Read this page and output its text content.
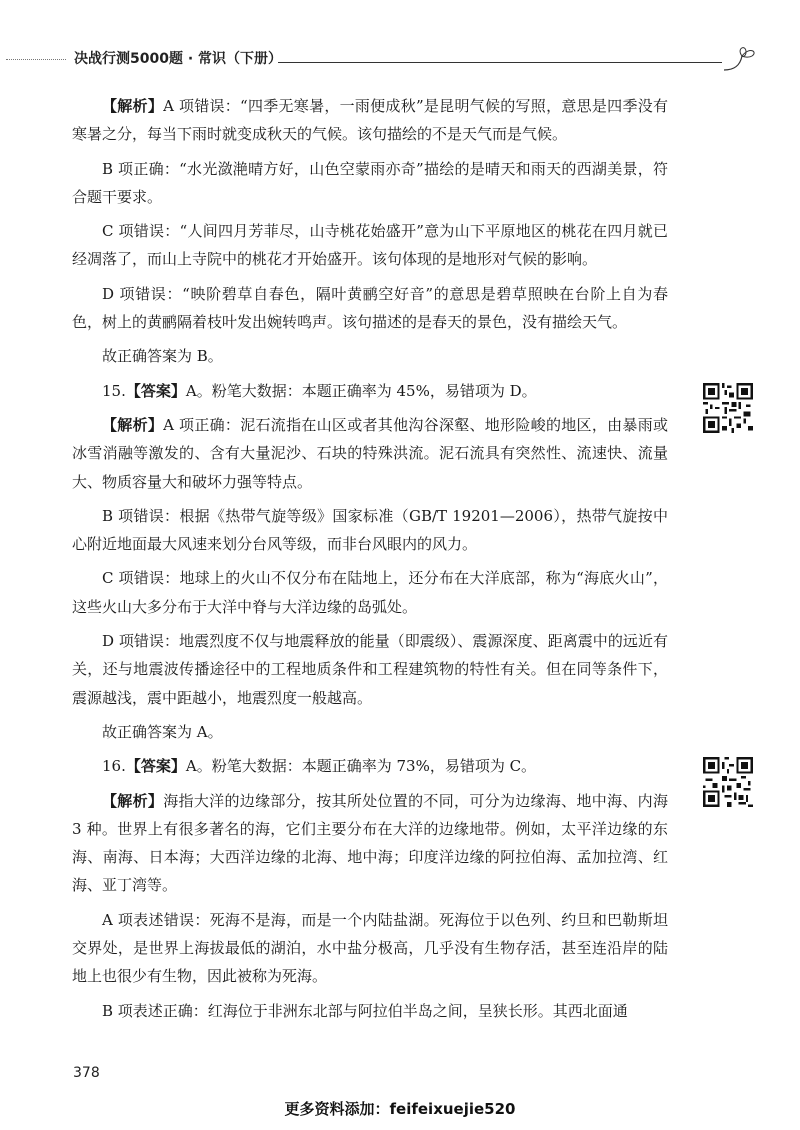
决战行测5000题 · 常识（下册）

【解析】A 项错误：“四季无寒暑，一雨便成秋”是昆明气候的写照，意思是四季没有寒暑之分，每当下雨时就变成秋天的气候。该句描绘的不是天气而是气候。

B 项正确：“水光潋滟晴方好，山色空蒙雨亦奇”描绘的是晴天和雨天的西湖美景，符合题干要求。

C 项错误：“人间四月芳菲尽，山寺桃花始盛开”意为山下平原地区的桃花在四月就已经凋落了，而山上寺院中的桃花才开始盛开。该句体现的是地形对气候的影响。

D 项错误：“映阶碧草自春色，隔叶黄鹂空好音”的意思是碧草照映在台阶上自为春色，树上的黄鹂隔着枝叶发出婉转鸣声。该句描述的是春天的景色，没有描绘天气。

故正确答案为 B。

15.【答案】A。粉笔大数据：本题正确率为 45%，易错项为 D。

【解析】A 项正确：泥石流指在山区或者其他沟谷深壑、地形险峻的地区，由暴雨或冰雪消融等激发的、含有大量泥沙、石块的特殊洪流。泥石流具有突然性、流速快、流量大、物质容量大和破坏力强等特点。

B 项错误：根据《热带气旋等级》国家标准（GB/T 19201—2006），热带气旋按中心附近地面最大风速来划分台风等级，而非台风眼内的风力。

C 项错误：地球上的火山不仅分布在陆地上，还分布在大洋底部，称为“海底火山”，这些火山大多分布于大洋中脊与大洋边缘的岛弧处。

D 项错误：地震烈度不仅与地震释放的能量（即震级）、震源深度、距离震中的远近有关，还与地震波传播途径中的工程地质条件和工程建筑物的特性有关。但在同等条件下，震源越浅，震中距越小，地震烈度一般越高。

故正确答案为 A。

16.【答案】A。粉笔大数据：本题正确率为 73%，易错项为 C。

【解析】海指大洋的边缘部分，按其所处位置的不同，可分为边缘海、地中海、内海 3 种。世界上有很多著名的海，它们主要分布在大洋的边缘地带。例如，太平洋边缘的东海、南海、日本海；大西洋边缘的北海、地中海；印度洋边缘的阿拉伯海、孟加拉湾、红海、亚丁湾等。

A 项表述错误：死海不是海，而是一个内陆盐湖。死海位于以色列、约旦和巴勒斯坦交界处，是世界上海拔最低的湖泊，水中盐分极高，几乎没有生物存活，甚至连沿岸的陆地上也很少有生物，因此被称为死海。

B 项表述正确：红海位于非洲东北部与阿拉伯半岛之间，呈狭长形。其西北面通

378
更多资料添加：feifeixuejie520
